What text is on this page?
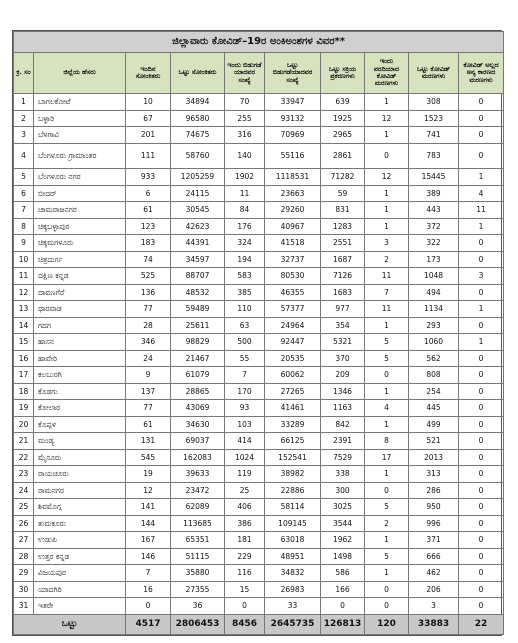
ಜಿಲ್ಲಾವಾರು ಕೋವಿಡ್–19ರ ಅಂಕಿಅಂಶಗಳ ವಿವರ**									
ಕ್ರ. ಸಂ	ಜಿಲ್ಲೆಯ ಹೆಸರು	ಇಂದಿನ ಸೋಂಕಿತರು	ಒಟ್ಟು ಸೋಂಕಿತರು	ಇಂದು ಬಿಡುಗಡೆ ಯಾದವರ ಸಂಖ್ಯೆ	ಒಟ್ಟು ಬಿಡುಗಡೆಯಾದವರ ಸಂಖ್ಯೆ	ಒಟ್ಟು ಸಕ್ರಿಯ ಪ್ರಕರಣಗಳು	ಇಂದು ವರದಿಯಾದ ಕೋವಿಡ್ ಮರಣಗಳು	ಒಟ್ಟು ಕೋವಿಡ್ ಮರಣಗಳು	ಕೋವಿಡ್ ಅಲ್ಲದ ಅನ್ಯ ಕಾರಣದ ಮರಣಗಳು
1	ಬಾಗಲಕೋಟೆ	10	34894	70	33947	639	1	308	0
2	ಬಳ್ಳಾರಿ	67	96580	255	93132	1925	12	1523	0
3	ಬೆಳಗಾವಿ	201	74675	316	70969	2965	1	741	0
4	ಬೆಂಗಳೂರು ಗ್ರಾಮಾಂತರ	111	58760	140	55116	2861	0	783	0
5	ಬೆಂಗಳೂರು ನಗರ	933	1205259	1902	1118531	71282	12	15445	1
6	ಬೀದರ್	6	24115	11	23663	59	1	389	4
7	ಚಾಮರಾಜನಗರ	61	30545	84	29260	831	1	443	11
8	ಚಿಕ್ಕಬಳ್ಳಾಪುರ	123	42623	176	40967	1283	1	372	1
9	ಚಿಕ್ಕಮಗಳೂರು	183	44391	324	41518	2551	3	322	0
10	ಚಿತ್ರದುರ್ಗ	74	34597	194	32737	1687	2	173	0
11	ದಕ್ಷಿಣ ಕನ್ನಡ	525	88707	583	80530	7126	11	1048	3
12	ದಾವಣಗೆರೆ	136	48532	385	46355	1683	7	494	0
13	ಧಾರವಾಡ	77	59489	110	57377	977	11	1134	1
14	ಗದಗ	28	25611	63	24964	354	1	293	0
15	ಹಾಸನ	346	98829	500	92447	5321	5	1060	1
16	ಹಾವೇರಿ	24	21467	55	20535	370	5	562	0
17	ಕಲಬುರಗಿ	9	61079	7	60062	209	0	808	0
18	ಕೊಡಗು	137	28865	170	27265	1346	1	254	0
19	ಕೋಲಾರ	77	43069	93	41461	1163	4	445	0
20	ಕೊಪ್ಪಳ	61	34630	103	33289	842	1	499	0
21	ಮಂಡ್ಯ	131	69037	414	66125	2391	8	521	0
22	ಮೈಸೂರು	545	162083	1024	152541	7529	17	2013	0
23	ರಾಯಚೂರು	19	39633	119	38982	338	1	313	0
24	ರಾಮನಗರ	12	23472	25	22886	300	0	286	0
25	ಶಿವಮೊಗ್ಗ	141	62089	406	58114	3025	5	950	0
26	ತುಮಕೂರು	144	113685	386	109145	3544	2	996	0
27	ಉಡುಪಿ	167	65351	181	63018	1962	1	371	0
28	ಉತ್ತರ ಕನ್ನಡ	146	51115	229	48951	1498	5	666	0
29	ವಿಜಯಪುರ	7	35880	116	34832	586	1	462	0
30	ಯಾದಗಿರಿ	16	27355	15	26983	166	0	206	0
31	ಇತರೇ	0	36	0	33	0	0	3	0
ಒಟ್ಟು		4517	2806453	8456	2645735	126813	120	33883	22
